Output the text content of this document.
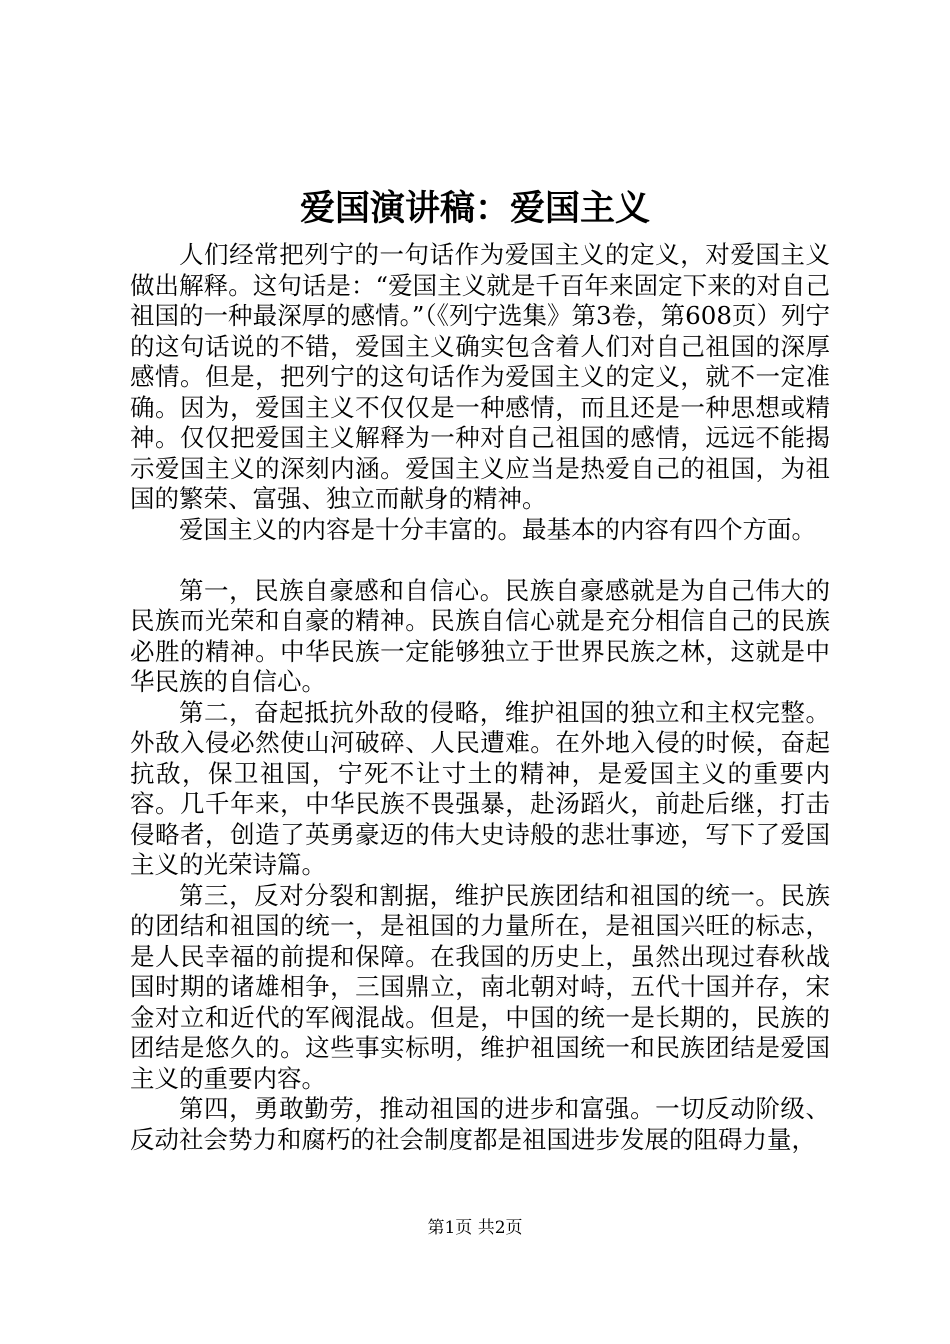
爱国演讲稿：爱国主义

人们经常把列宁的一句话作为爱国主义的定义，对爱国主义做出解释。这句话是：“爱国主义就是千百年来固定下来的对自己祖国的一种最深厚的感情。”（《列宁选集》第3卷，第608页）列宁的这句话说的不错，爱国主义确实包含着人们对自己祖国的深厚感情。但是，把列宁的这句话作为爱国主义的定义，就不一定准确。因为，爱国主义不仅仅是一种感情，而且还是一种思想或精神。仅仅把爱国主义解释为一种对自己祖国的感情，远远不能揭示爱国主义的深刻内涵。爱国主义应当是热爱自己的祖国，为祖国的繁荣、富强、独立而献身的精神。

爱国主义的内容是十分丰富的。最基本的内容有四个方面。

第一，民族自豪感和自信心。民族自豪感就是为自己伟大的民族而光荣和自豪的精神。民族自信心就是充分相信自己的民族必胜的精神。中华民族一定能够独立于世界民族之林，这就是中华民族的自信心。

第二，奋起抵抗外敌的侵略，维护祖国的独立和主权完整。外敌入侵必然使山河破碎、人民遭难。在外地入侵的时候，奋起抗敌，保卫祖国，宁死不让寸土的精神，是爱国主义的重要内容。几千年来，中华民族不畏强暴，赴汤蹈火，前赴后继，打击侵略者，创造了英勇豪迈的伟大史诗般的悲壮事迹，写下了爱国主义的光荣诗篇。

第三，反对分裂和割据，维护民族团结和祖国的统一。民族的团结和祖国的统一，是祖国的力量所在，是祖国兴旺的标志，是人民幸福的前提和保障。在我国的历史上，虽然出现过春秋战国时期的诸雄相争，三国鼎立，南北朝对峙，五代十国并存，宋金对立和近代的军阀混战。但是，中国的统一是长期的，民族的团结是悠久的。这些事实标明，维护祖国统一和民族团结是爱国主义的重要内容。

第四，勇敢勤劳，推动祖国的进步和富强。一切反动阶级、反动社会势力和腐朽的社会制度都是祖国进步发展的阻碍力量，

第1页 共2页
